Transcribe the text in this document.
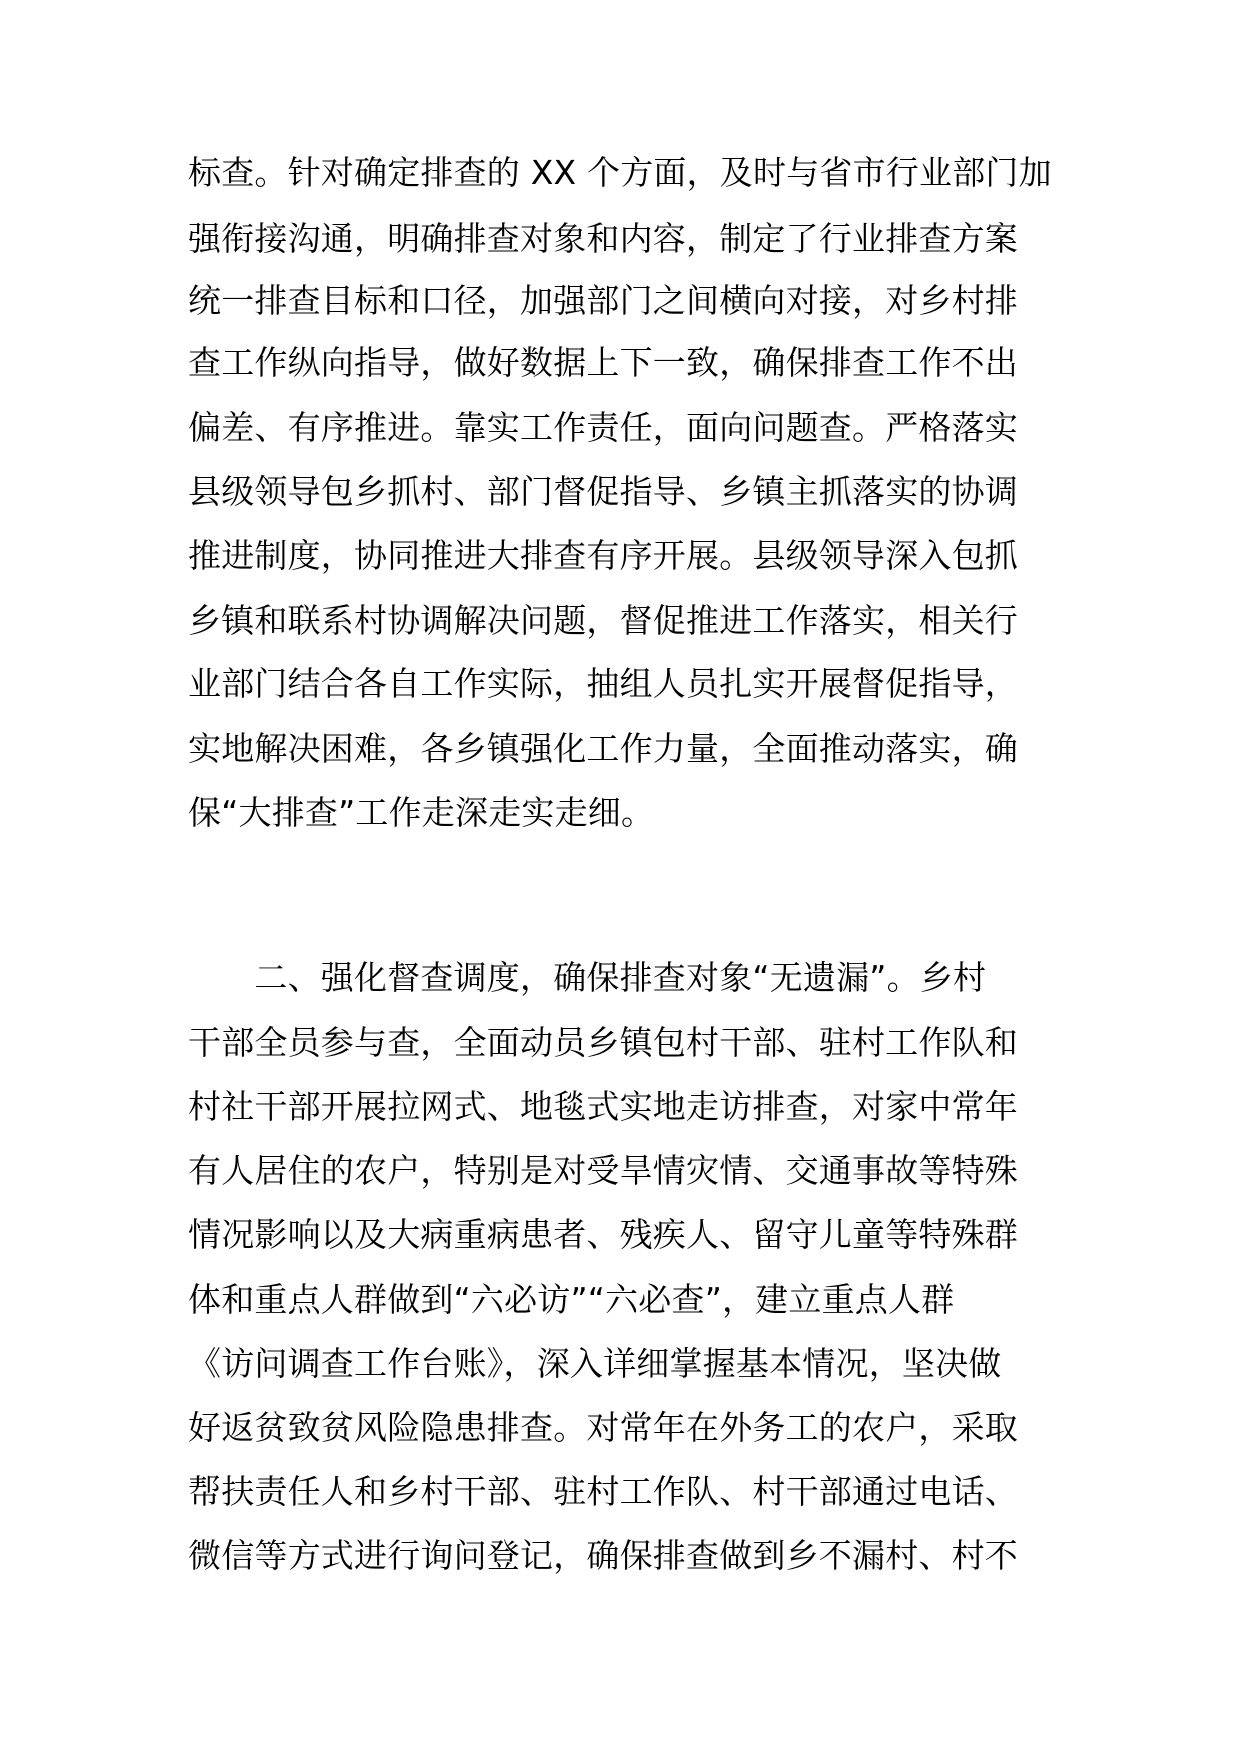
标查。针对确定排查的 XX 个方面，及时与省市行业部门加
强衔接沟通，明确排查对象和内容，制定了行业排查方案
统一排查目标和口径，加强部门之间横向对接，对乡村排
查工作纵向指导，做好数据上下一致，确保排查工作不出
偏差、有序推进。靠实工作责任，面向问题查。严格落实
县级领导包乡抓村、部门督促指导、乡镇主抓落实的协调
推进制度，协同推进大排查有序开展。县级领导深入包抓
乡镇和联系村协调解决问题，督促推进工作落实，相关行
业部门结合各自工作实际，抽组人员扎实开展督促指导，
实地解决困难，各乡镇强化工作力量，全面推动落实，确
保“大排查”工作走深走实走细。
　　二、强化督查调度，确保排查对象“无遗漏”。乡村
干部全员参与查，全面动员乡镇包村干部、驻村工作队和
村社干部开展拉网式、地毯式实地走访排查，对家中常年
有人居住的农户，特别是对受旱情灾情、交通事故等特殊
情况影响以及大病重病患者、残疾人、留守儿童等特殊群
体和重点人群做到“六必访”“六必查”，建立重点人群
《访问调查工作台账》，深入详细掌握基本情况，坚决做
好返贫致贫风险隐患排查。对常年在外务工的农户，采取
帮扶责任人和乡村干部、驻村工作队、村干部通过电话、
微信等方式进行询问登记，确保排查做到乡不漏村、村不
